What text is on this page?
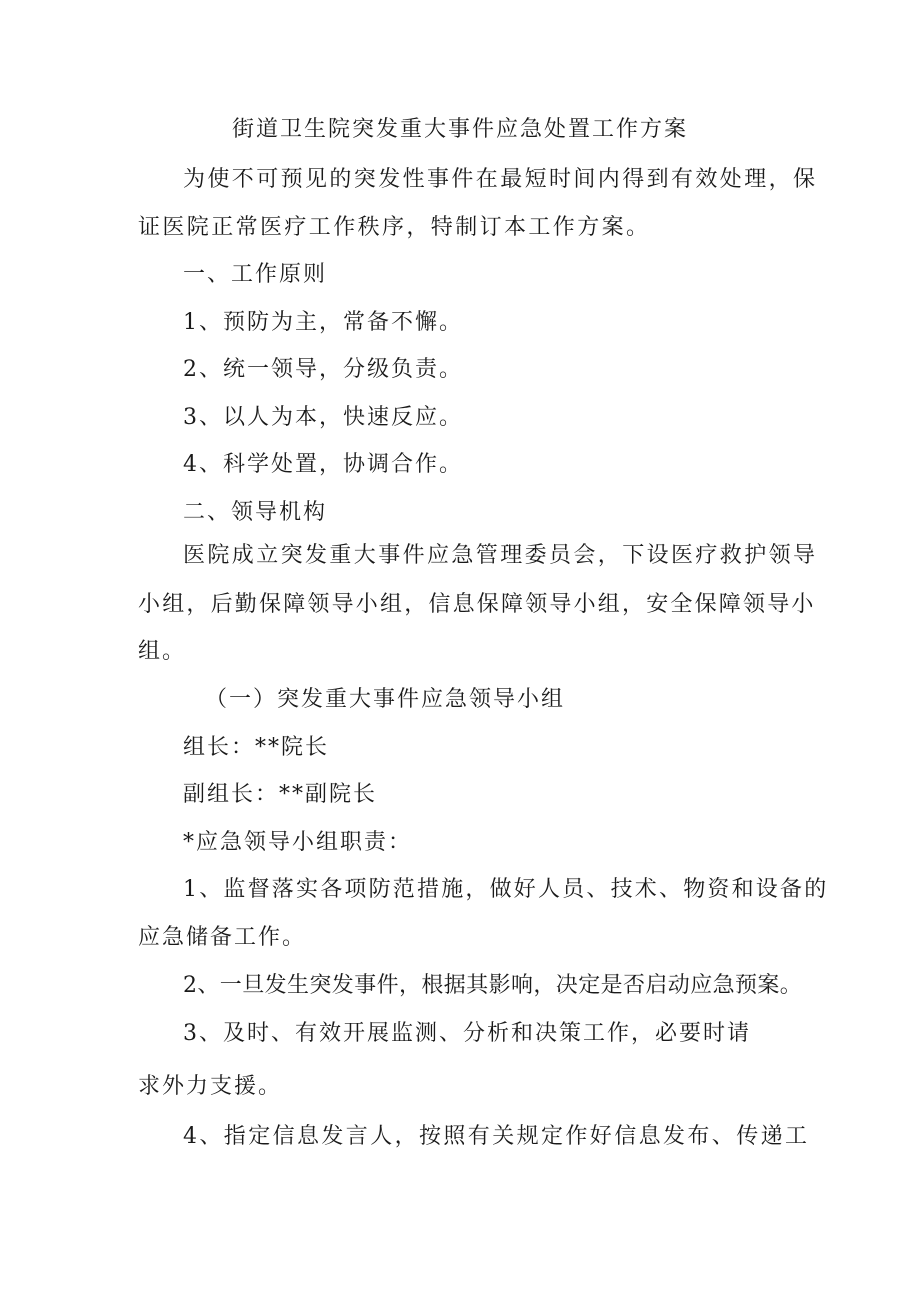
街道卫生院突发重大事件应急处置工作方案
为使不可预见的突发性事件在最短时间内得到有效处理，保
证医院正常医疗工作秩序，特制订本工作方案。
一、工作原则
1、预防为主，常备不懈。
2、统一领导，分级负责。
3、以人为本，快速反应。
4、科学处置，协调合作。
二、领导机构
医院成立突发重大事件应急管理委员会，下设医疗救护领导
小组，后勤保障领导小组，信息保障领导小组，安全保障领导小
组。
（一）突发重大事件应急领导小组
组长：**院长
副组长：**副院长
*应急领导小组职责：
1、监督落实各项防范措施，做好人员、技术、物资和设备的
应急储备工作。
2、一旦发生突发事件，根据其影响，决定是否启动应急预案。
3、及时、有效开展监测、分析和决策工作，必要时请
求外力支援。
4、指定信息发言人，按照有关规定作好信息发布、传递工
